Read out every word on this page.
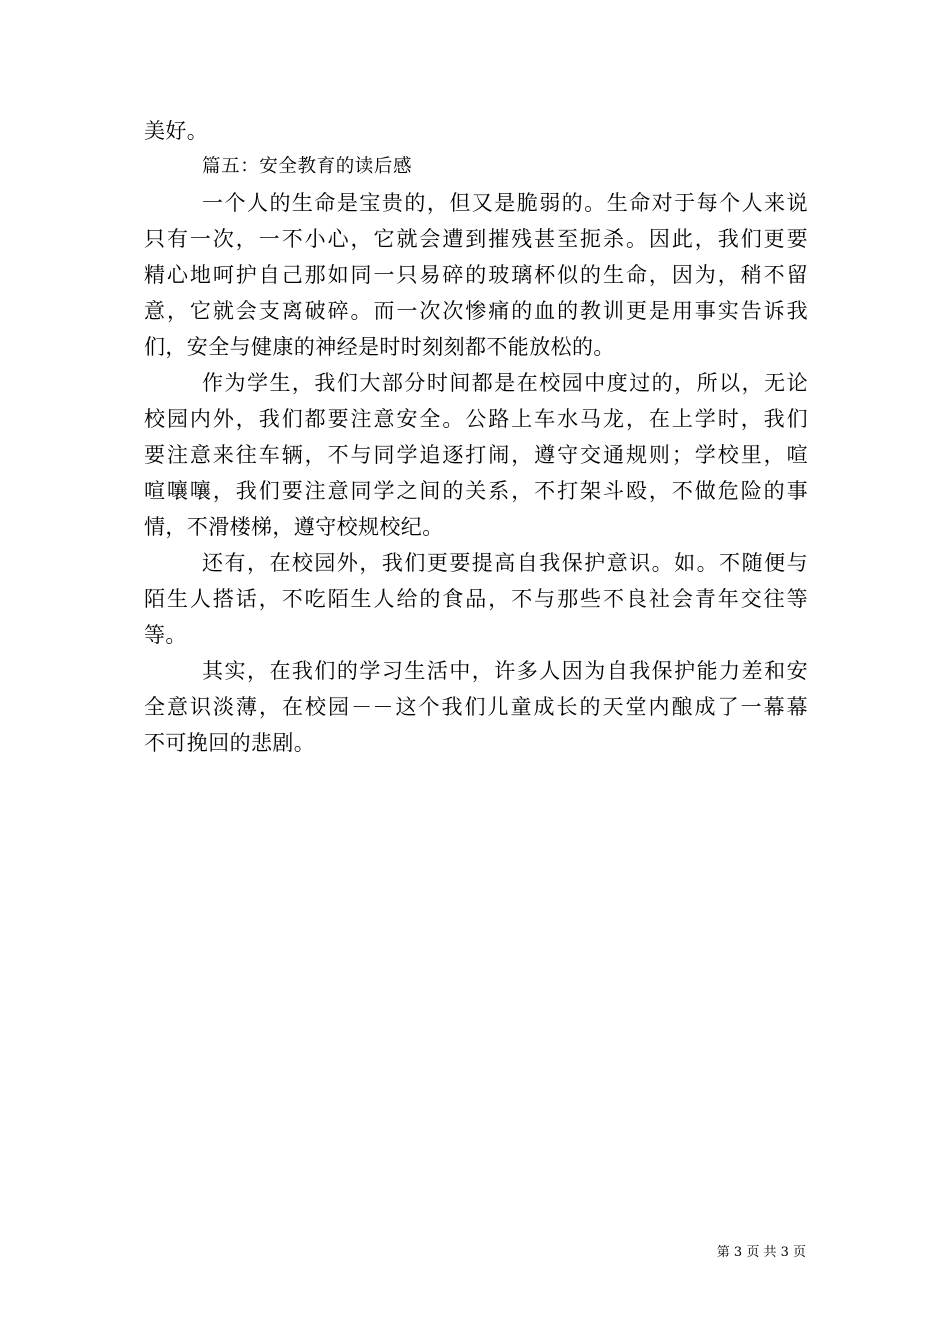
美好。
篇五：安全教育的读后感
一个人的生命是宝贵的，但又是脆弱的。生命对于每个人来说
只有一次，一不小心，它就会遭到摧残甚至扼杀。因此，我们更要
精心地呵护自己那如同一只易碎的玻璃杯似的生命，因为，稍不留
意，它就会支离破碎。而一次次惨痛的血的教训更是用事实告诉我
们，安全与健康的神经是时时刻刻都不能放松的。
作为学生，我们大部分时间都是在校园中度过的，所以，无论
校园内外，我们都要注意安全。公路上车水马龙，在上学时，我们
要注意来往车辆，不与同学追逐打闹，遵守交通规则；学校里，喧
喧嚷嚷，我们要注意同学之间的关系，不打架斗殴，不做危险的事
情，不滑楼梯，遵守校规校纪。
还有，在校园外，我们更要提高自我保护意识。如。不随便与
陌生人搭话，不吃陌生人给的食品，不与那些不良社会青年交往等
等。
其实，在我们的学习生活中，许多人因为自我保护能力差和安
全意识淡薄，在校园－－这个我们儿童成长的天堂内酿成了一幕幕
不可挽回的悲剧。
第 3 页 共 3 页
